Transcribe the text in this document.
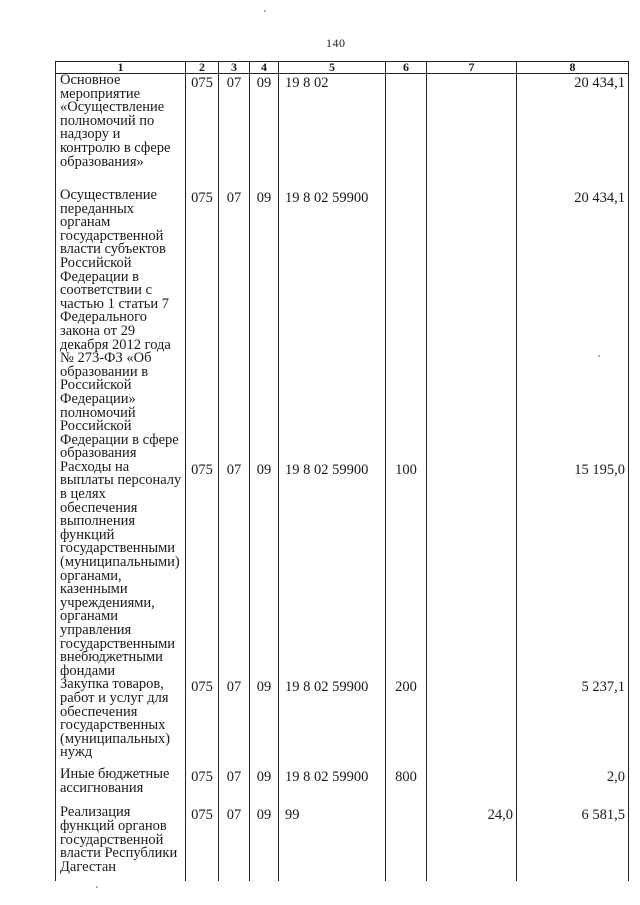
140
1	2	3	4	5	6	7	8
Основное мероприятие «Осуществление полномочий по надзору и контролю в сфере образования»	075	07	09	19 8 02			20 434,1
Осуществление переданных органам государственной власти субъектов Российской Федерации в соответствии с частью 1 статьи 7 Федерального закона от 29 декабря 2012 года № 273-ФЗ «Об образовании в Российской Федерации» полномочий Российской Федерации в сфере образования	075	07	09	19 8 02 59900			20 434,1
Расходы на выплаты персоналу в целях обеспечения выполнения функций государственными (муниципальными) органами, казенными учреждениями, органами управления государственными внебюджетными фондами	075	07	09	19 8 02 59900	100		15 195,0
Закупка товаров, работ и услуг для обеспечения государственных (муниципальных) нужд	075	07	09	19 8 02 59900	200		5 237,1
Иные бюджетные ассигнования	075	07	09	19 8 02 59900	800		2,0
Реализация функций органов государственной власти Республики Дагестан	075	07	09	99		24,0	6 581,5
